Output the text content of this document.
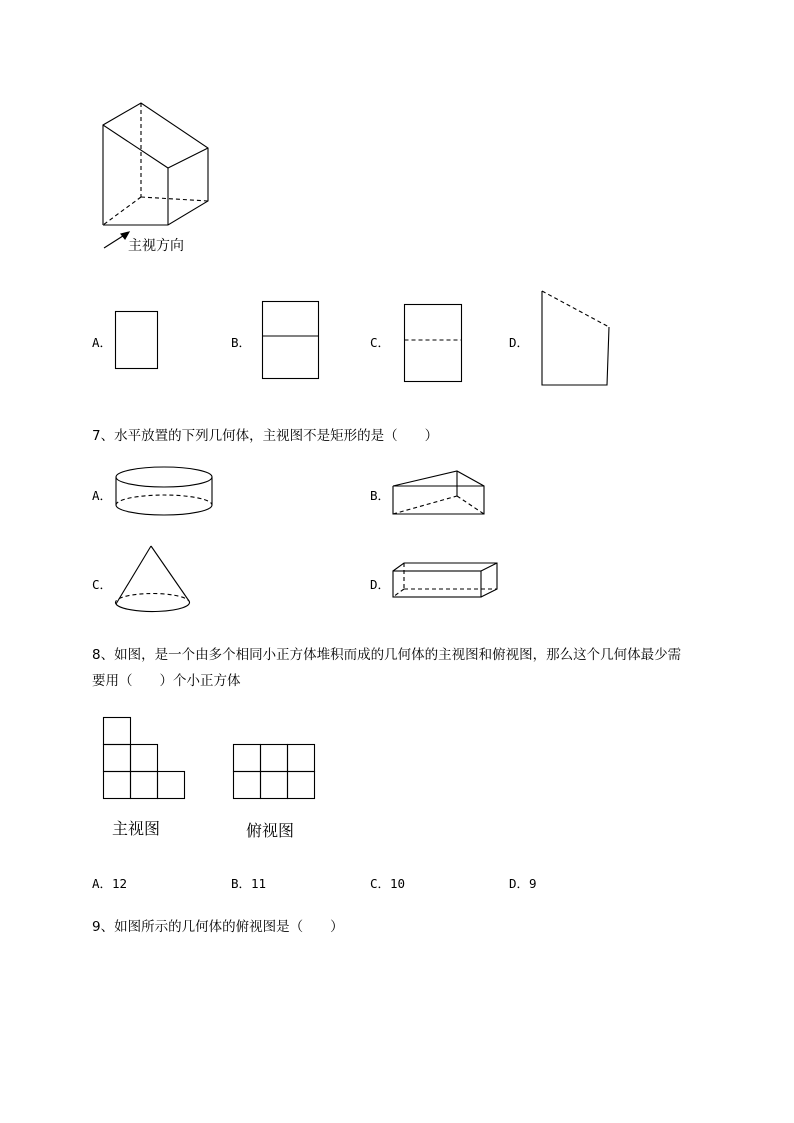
主视方向
A．	B．	C．	D．
7、水平放置的下列几何体，主视图不是矩形的是（　　）
A．	B．
C．	D．
8、如图，是一个由多个相同小正方体堆积而成的几何体的主视图和俯视图，那么这个几何体最少需
要用（　　）个小正方体
主视图	俯视图
A．12	B．11	C．10	D．9
9、如图所示的几何体的俯视图是（　　）
